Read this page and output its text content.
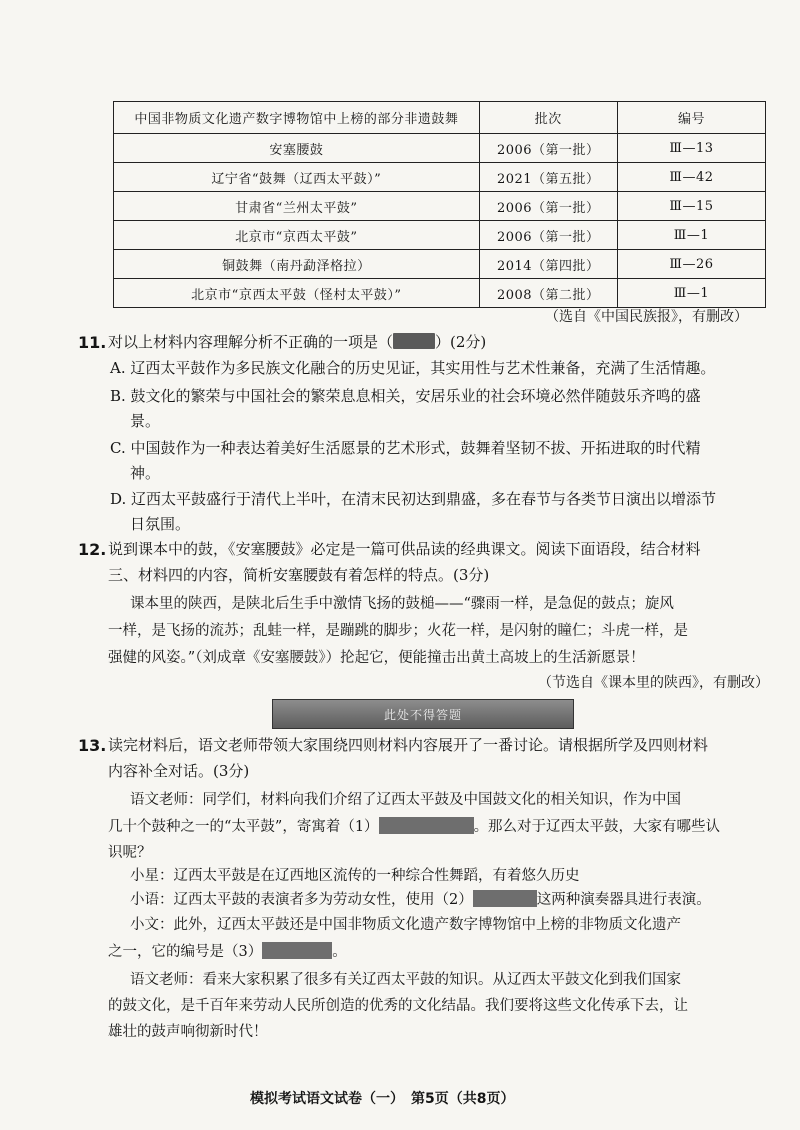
中国非物质文化遗产数字博物馆中上榜的部分非遗鼓舞	批次	编号
安塞腰鼓	2006（第一批）	Ⅲ—13
辽宁省“鼓舞（辽西太平鼓）”	2021（第五批）	Ⅲ—42
甘肃省“兰州太平鼓”	2006（第一批）	Ⅲ—15
北京市“京西太平鼓”	2006（第一批）	Ⅲ—1
铜鼓舞（南丹勐泽格拉）	2014（第四批）	Ⅲ—26
北京市“京西太平鼓（怪村太平鼓）”	2008（第二批）	Ⅲ—1
（选自《中国民族报》，有删改）
11. 对以上材料内容理解分析不正确的一项是（	）(2分)
A. 辽西太平鼓作为多民族文化融合的历史见证，其实用性与艺术性兼备，充满了生活情趣。
B. 鼓文化的繁荣与中国社会的繁荣息息相关，安居乐业的社会环境必然伴随鼓乐齐鸣的盛
景。
C. 中国鼓作为一种表达着美好生活愿景的艺术形式，鼓舞着坚韧不拔、开拓进取的时代精
神。
D. 辽西太平鼓盛行于清代上半叶，在清末民初达到鼎盛，多在春节与各类节日演出以增添节
日氛围。
12. 说到课本中的鼓，《安塞腰鼓》必定是一篇可供品读的经典课文。阅读下面语段，结合材料
三、材料四的内容，简析安塞腰鼓有着怎样的特点。(3分)
课本里的陕西，是陕北后生手中激情飞扬的鼓槌——“骤雨一样，是急促的鼓点；旋风
一样，是飞扬的流苏；乱蛙一样，是蹦跳的脚步；火花一样，是闪射的瞳仁；斗虎一样，是
强健的风姿。”（刘成章《安塞腰鼓》）抡起它，便能撞击出黄土高坡上的生活新愿景！
（节选自《课本里的陕西》，有删改）
此处不得答题
13. 读完材料后，语文老师带领大家围绕四则材料内容展开了一番讨论。请根据所学及四则材料
内容补全对话。(3分)
语文老师：同学们，材料向我们介绍了辽西太平鼓及中国鼓文化的相关知识，作为中国
几十个鼓种之一的“太平鼓”，寄寓着（1）	。那么对于辽西太平鼓，大家有哪些认
识呢？
小星：辽西太平鼓是在辽西地区流传的一种综合性舞蹈，有着悠久历史
小语：辽西太平鼓的表演者多为劳动女性，使用（2）	这两种演奏器具进行表演。
小文：此外，辽西太平鼓还是中国非物质文化遗产数字博物馆中上榜的非物质文化遗产
之一，它的编号是（3）	。
语文老师：看来大家积累了很多有关辽西太平鼓的知识。从辽西太平鼓文化到我们国家
的鼓文化，是千百年来劳动人民所创造的优秀的文化结晶。我们要将这些文化传承下去，让
雄壮的鼓声响彻新时代！
模拟考试语文试卷（一）　第5页（共8页）
